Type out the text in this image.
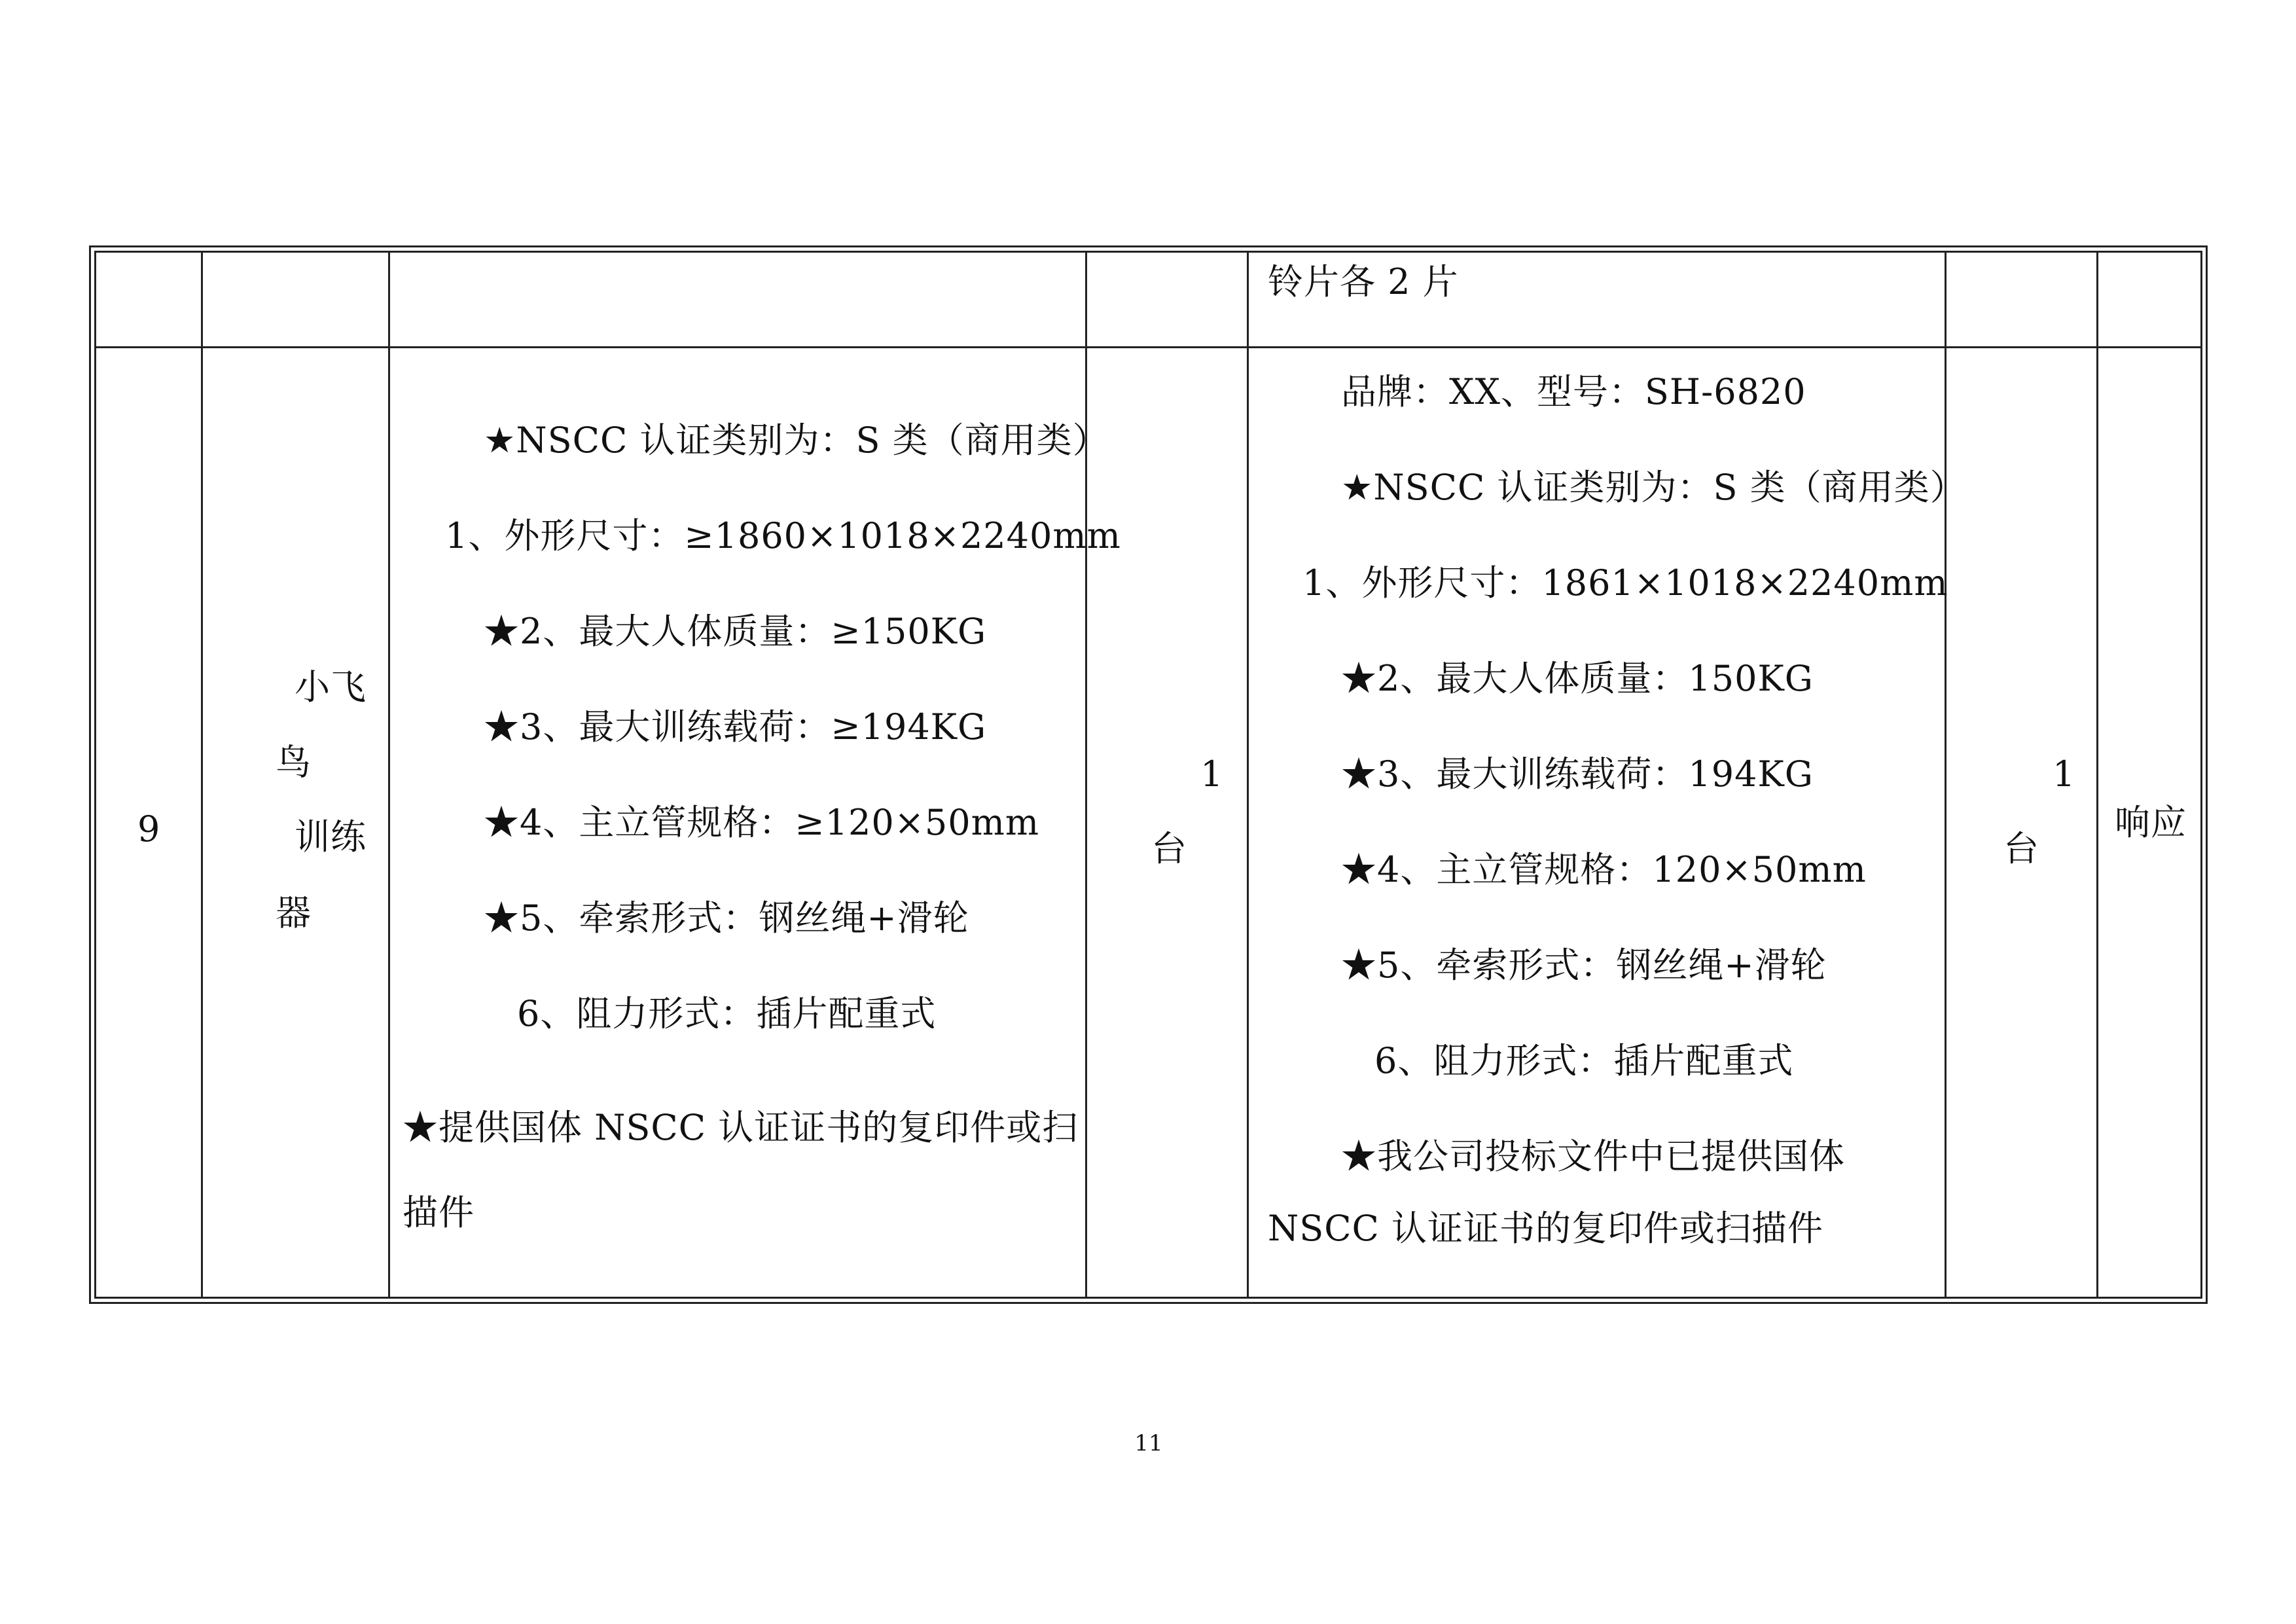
铃片各 2 片
9
小飞
鸟
训练
器
★NSCC 认证类别为：S 类（商用类）
1、外形尺寸：≥1860×1018×2240mm
★2、最大人体质量：≥150KG
★3、最大训练载荷：≥194KG
★4、主立管规格：≥120×50mm
★5、牵索形式：钢丝绳+滑轮
6、阻力形式：插片配重式
★提供国体 NSCC 认证证书的复印件或扫
描件
1
台
品牌：XX、型号：SH-6820
★NSCC 认证类别为：S 类（商用类）
1、外形尺寸：1861×1018×2240mm
★2、最大人体质量：150KG
★3、最大训练载荷：194KG
★4、主立管规格：120×50mm
★5、牵索形式：钢丝绳+滑轮
6、阻力形式：插片配重式
★我公司投标文件中已提供国体
NSCC 认证证书的复印件或扫描件
1
台
响应
11
